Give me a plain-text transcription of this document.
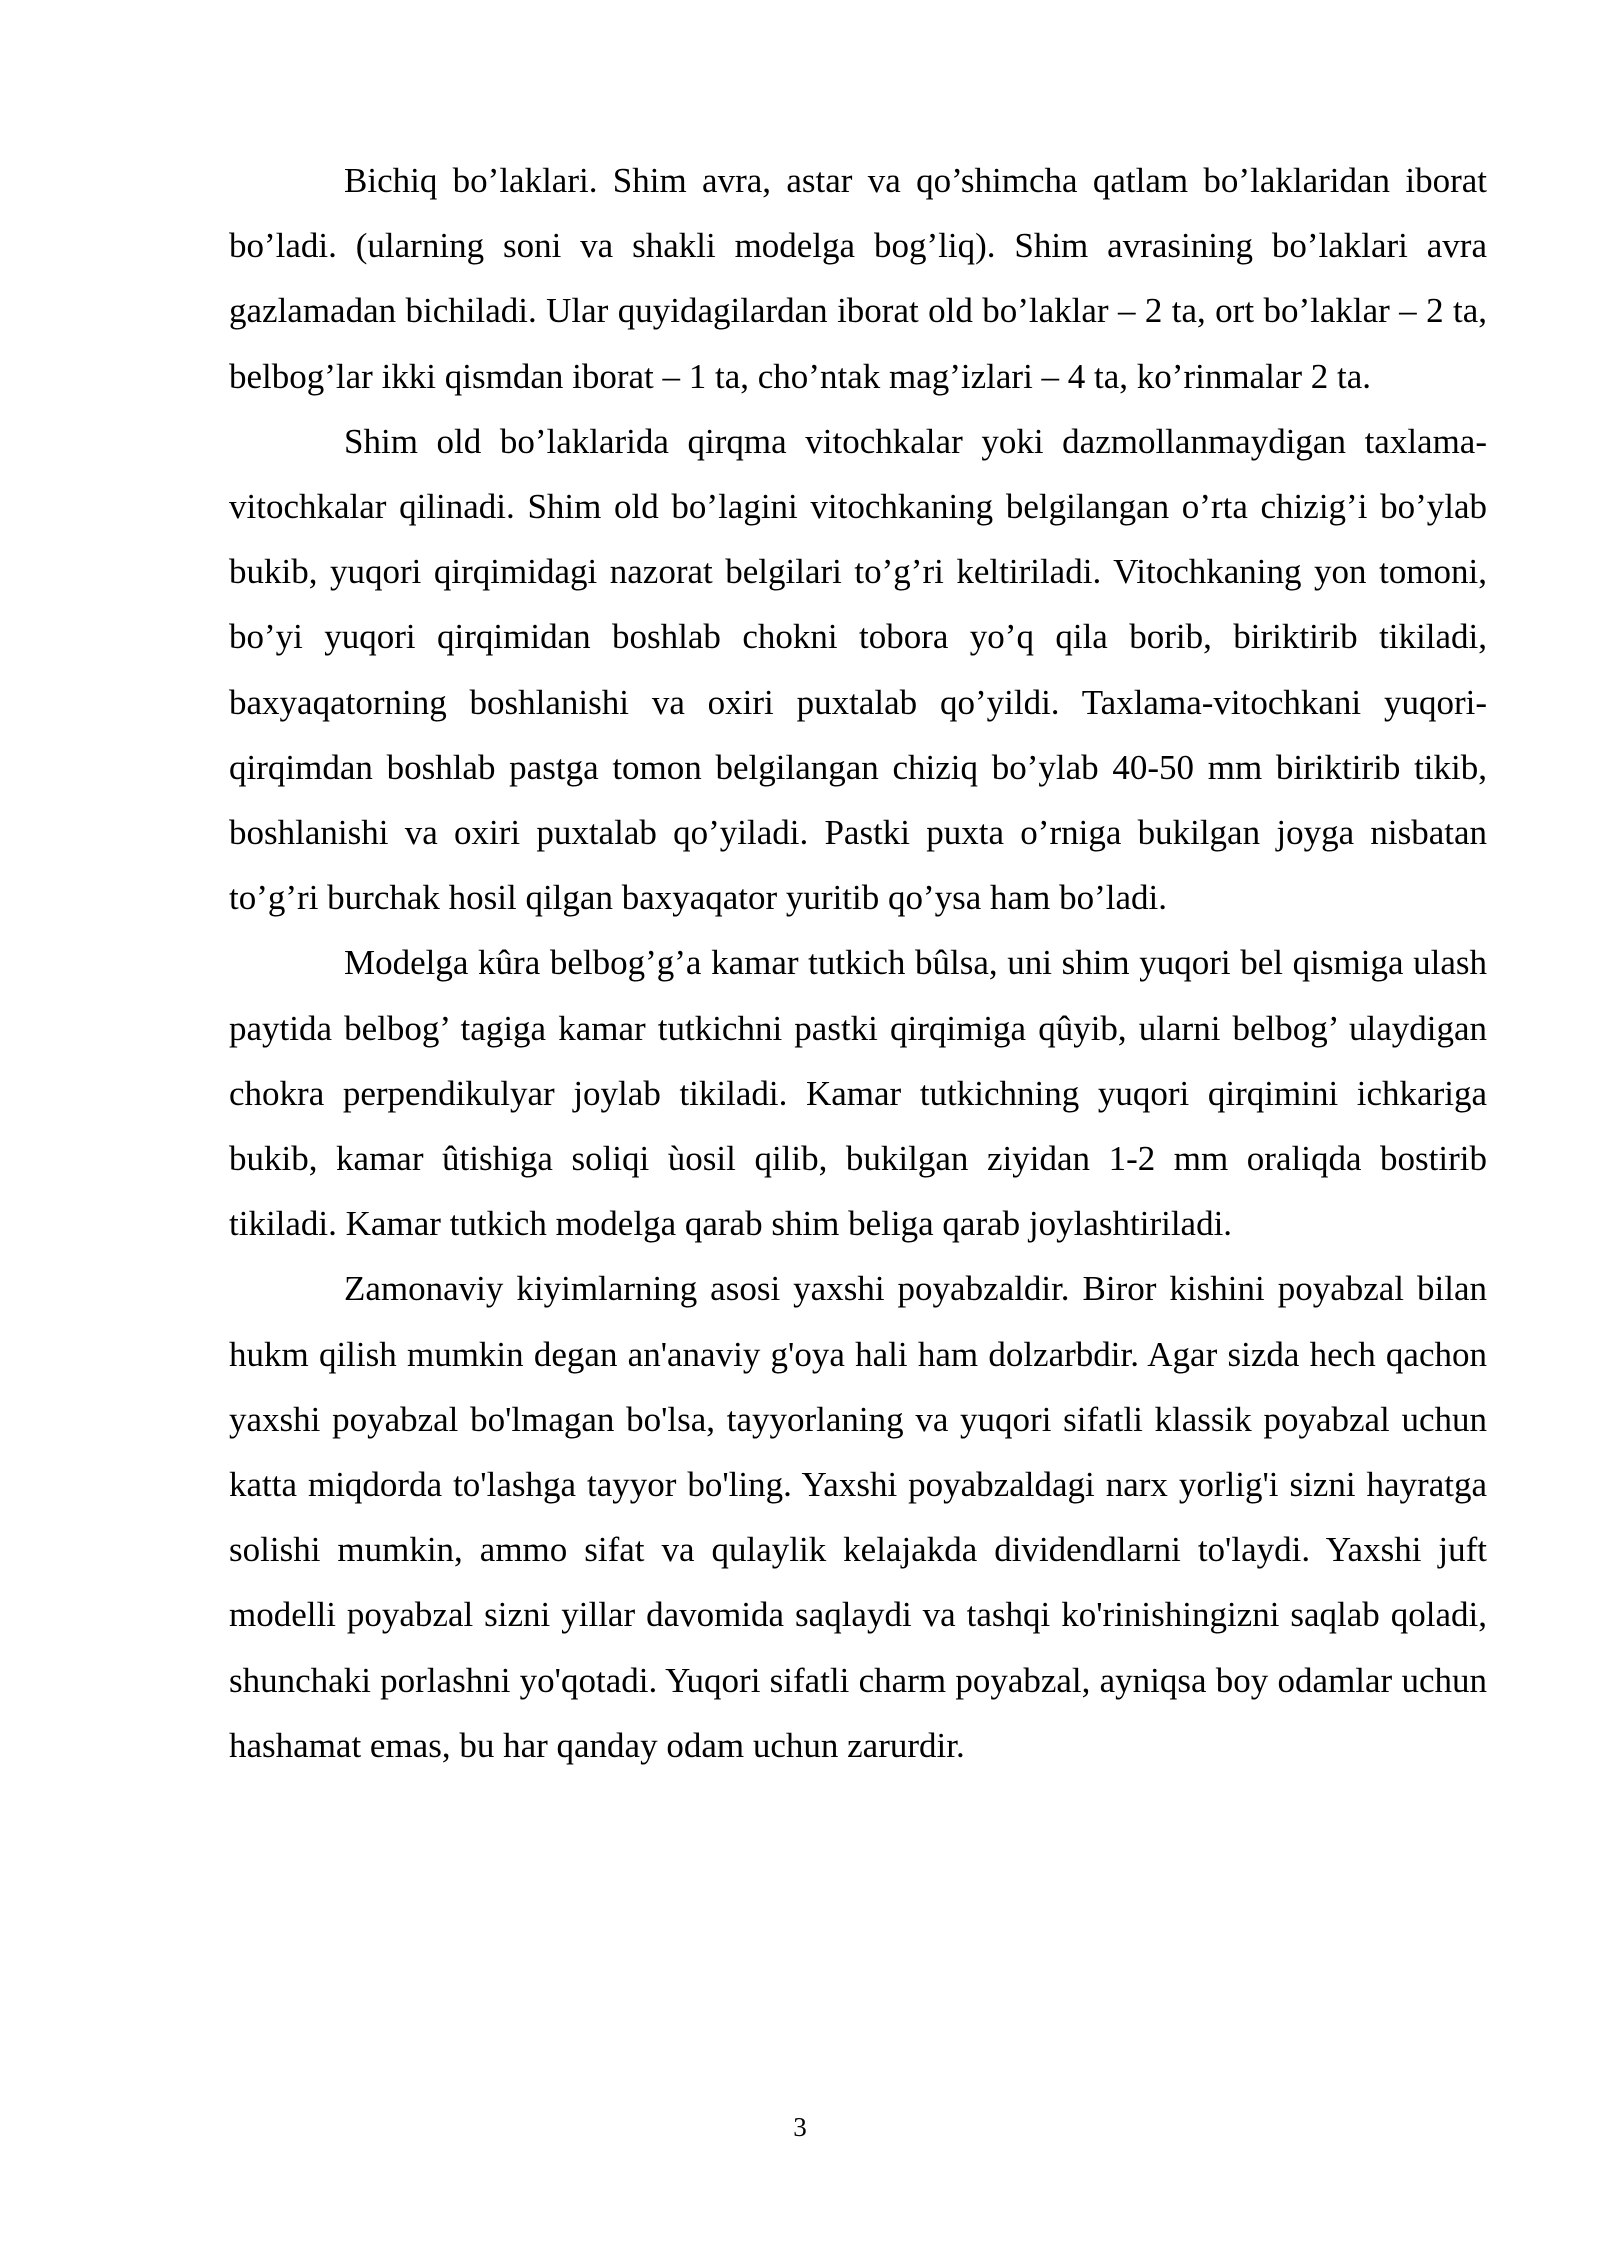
Bichiq bo’laklari. Shim avra, astar va qo’shimcha qatlam bo’laklaridan iborat bo’ladi. (ularning soni va shakli modelga bog’liq). Shim avrasining bo’laklari avra gazlamadan bichiladi. Ular quyidagilardan iborat old bo’laklar – 2 ta, ort bo’laklar – 2 ta, belbog’lar ikki qismdan iborat – 1 ta, cho’ntak mag’izlari – 4 ta, ko’rinmalar 2 ta.

Shim old bo’laklarida qirqma vitochkalar yoki dazmollanmaydigan taxlama-vitochkalar qilinadi. Shim old bo’lagini vitochkaning belgilangan o’rta chizig’i bo’ylab bukib, yuqori qirqimidagi nazorat belgilari to’g’ri keltiriladi. Vitochkaning yon tomoni, bo’yi yuqori qirqimidan boshlab chokni tobora yo’q qila borib, biriktirib tikiladi, baxyaqatorning boshlanishi va oxiri puxtalab qo’yildi. Taxlama-vitochkani yuqori-qirqimdan boshlab pastga tomon belgilangan chiziq bo’ylab 40-50 mm biriktirib tikib, boshlanishi va oxiri puxtalab qo’yiladi. Pastki puxta o’rniga bukilgan joyga nisbatan to’g’ri burchak hosil qilgan baxyaqator yuritib qo’ysa ham bo’ladi.

Modelga kûra belbog’g’a kamar tutkich bûlsa, uni shim yuqori bel qismiga ulash paytida belbog’ tagiga kamar tutkichni pastki qirqimiga qûyib, ularni belbog’ ulaydigan chokra perpendikulyar joylab tikiladi. Kamar tutkichning yuqori qirqimini ichkariga bukib, kamar ûtishiga soliqi ùosil qilib, bukilgan ziyidan 1-2 mm oraliqda bostirib tikiladi. Kamar tutkich modelga qarab shim beliga qarab joylashtiriladi.

Zamonaviy kiyimlarning asosi yaxshi poyabzaldir. Biror kishini poyabzal bilan hukm qilish mumkin degan an'anaviy g'oya hali ham dolzarbdir. Agar sizda hech qachon yaxshi poyabzal bo'lmagan bo'lsa, tayyorlaning va yuqori sifatli klassik poyabzal uchun katta miqdorda to'lashga tayyor bo'ling. Yaxshi poyabzaldagi narx yorlig'i sizni hayratga solishi mumkin, ammo sifat va qulaylik kelajakda dividendlarni to'laydi. Yaxshi juft modelli poyabzal sizni yillar davomida saqlaydi va tashqi ko'rinishingizni saqlab qoladi, shunchaki porlashni yo'qotadi. Yuqori sifatli charm poyabzal, ayniqsa boy odamlar uchun hashamat emas, bu har qanday odam uchun zarurdir.

3
